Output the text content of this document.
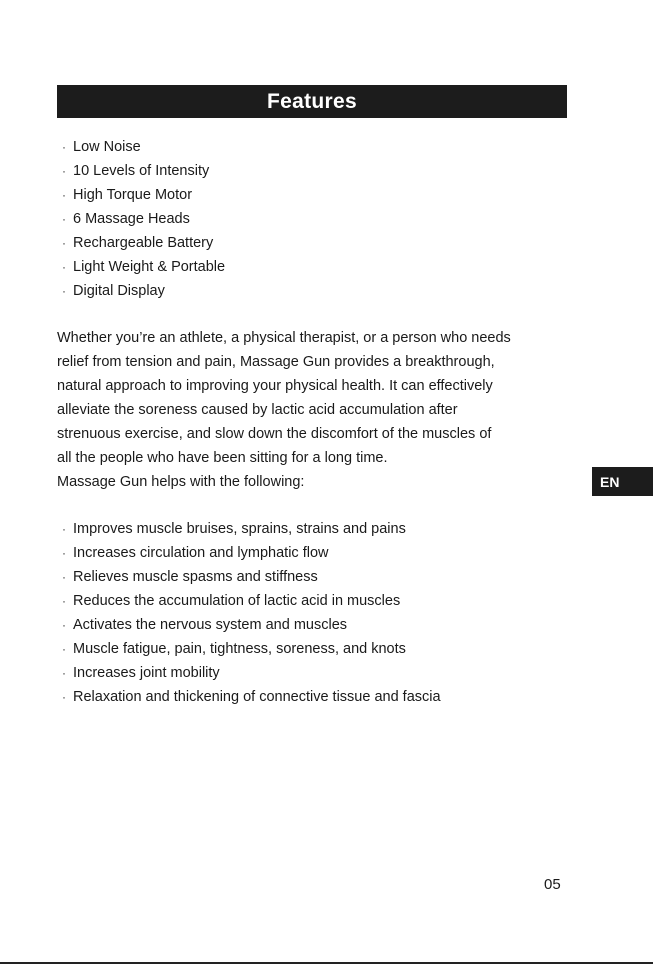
Features
· Low Noise
· 10 Levels of Intensity
· High Torque Motor
· 6 Massage Heads
· Rechargeable Battery
· Light Weight & Portable
· Digital Display

Whether you’re an athlete, a physical therapist, or a person who needs

relief from tension and pain, Massage Gun provides a breakthrough,

natural approach to improving your physical health. It can effectively

alleviate the soreness caused by lactic acid accumulation after

strenuous exercise, and slow down the discomfort of the muscles of

all the people who have been sitting for a long time.

Massage Gun helps with the following:

· Improves muscle bruises, sprains, strains and pains
· Increases circulation and lymphatic flow
· Relieves muscle spasms and stiffness
· Reduces the accumulation of lactic acid in muscles
· Activates the nervous system and muscles
· Muscle fatigue, pain, tightness, soreness, and knots
· Increases joint mobility
· Relaxation and thickening of connective tissue and fascia
EN
05
